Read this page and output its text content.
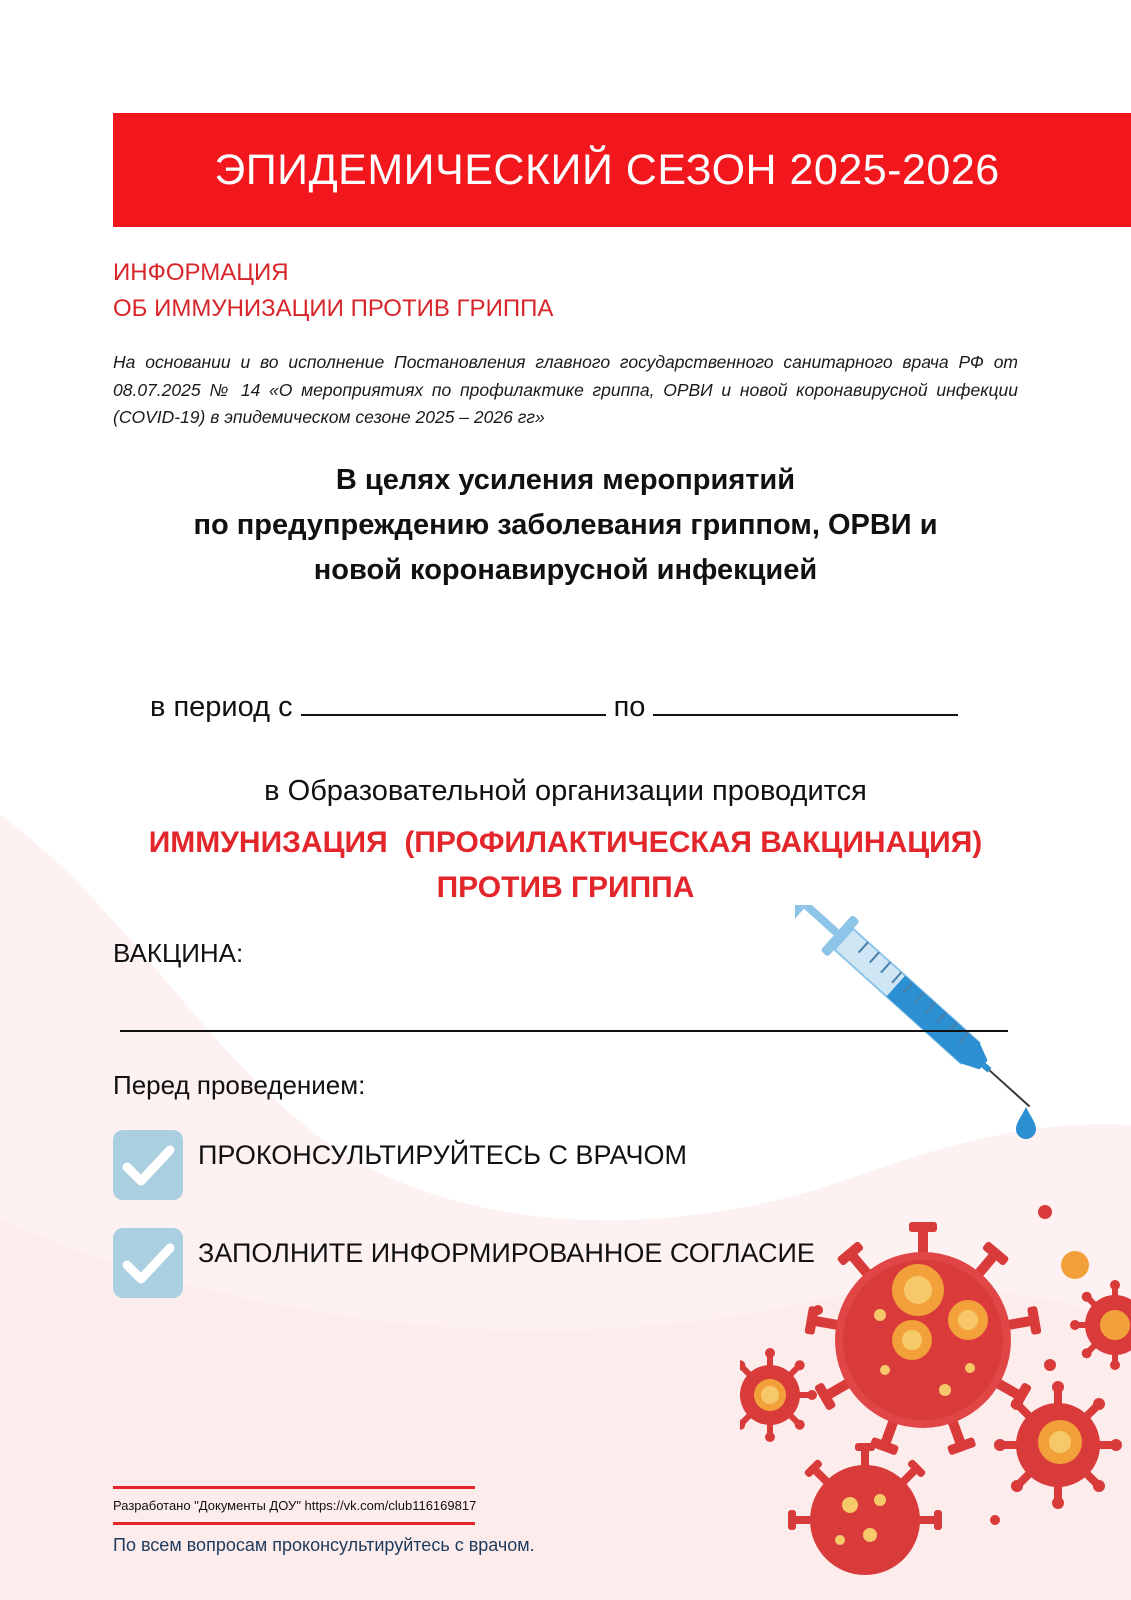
ЭПИДЕМИЧЕСКИЙ СЕЗОН 2025-2026
ИНФОРМАЦИЯ
ОБ ИММУНИЗАЦИИ ПРОТИВ ГРИППА
На основании и во исполнение Постановления главного государственного санитарного врача РФ от 08.07.2025 № 14 «О мероприятиях по профилактике гриппа, ОРВИ и новой коронавирусной инфекции (COVID-19) в эпидемическом сезоне 2025 – 2026 гг»
В целях усиления мероприятий
по предупреждению заболевания гриппом, ОРВИ и
новой коронавирусной инфекцией
в период с	по
в Образовательной организации проводится
ИММУНИЗАЦИЯ  (ПРОФИЛАКТИЧЕСКАЯ ВАКЦИНАЦИЯ)
ПРОТИВ ГРИППА
ВАКЦИНА:
Перед проведением:
ПРОКОНСУЛЬТИРУЙТЕСЬ С ВРАЧОМ
ЗАПОЛНИТЕ ИНФОРМИРОВАННОЕ СОГЛАСИЕ
Разработано "Документы ДОУ" https://vk.com/club116169817
По всем вопросам проконсультируйтесь с врачом.
